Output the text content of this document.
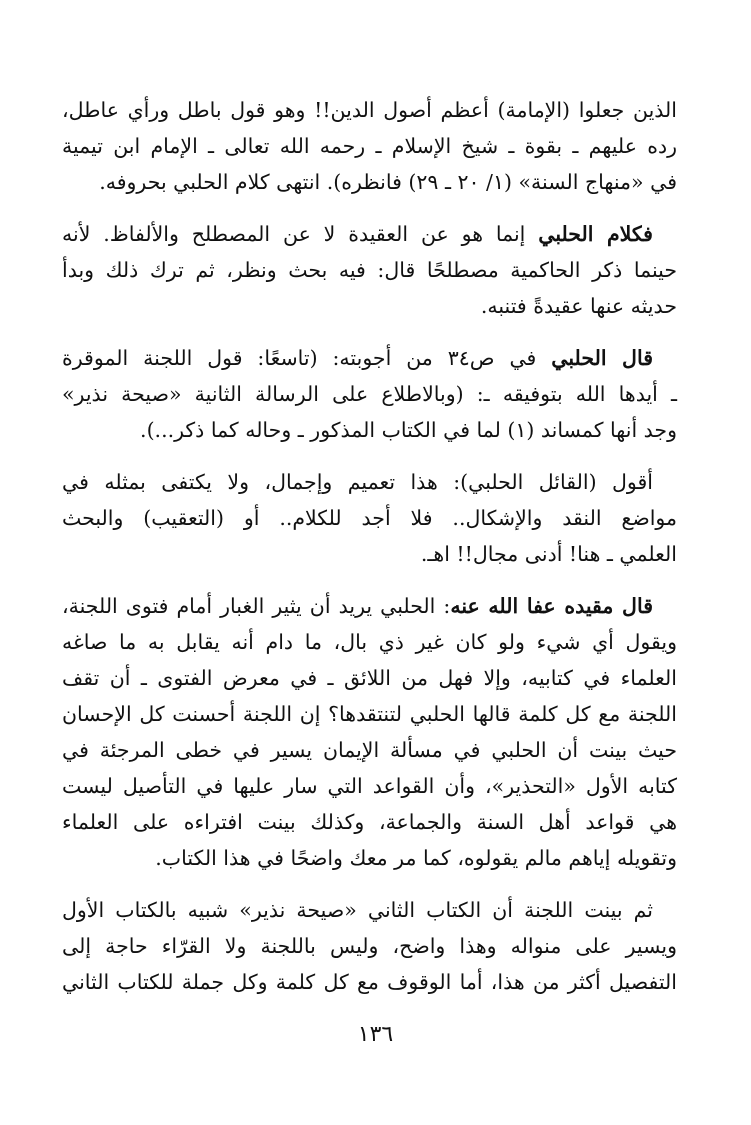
الذين جعلوا (الإمامة) أعظم أصول الدين!! وهو قول باطل ورأي عاطل،
رده عليهم ـ بقوة ـ شيخ الإسلام ـ رحمه الله تعالى ـ الإمام ابن تيمية
في «منهاج السنة» (١/ ٢٠ ـ ٢٩) فانظره). انتهى كلام الحلبي بحروفه.

فكلام الحلبي إنما هو عن العقيدة لا عن المصطلح والألفاظ. لأنه
حينما ذكر الحاكمية مصطلحًا قال: فيه بحث ونظر، ثم ترك ذلك وبدأ
حديثه عنها عقيدةً فتنبه.

قال الحلبي في ص٣٤ من أجوبته: (تاسعًا: قول اللجنة الموقرة
ـ أيدها الله بتوفيقه ـ: (وبالاطلاع على الرسالة الثانية «صيحة نذير»
وجد أنها كمساند (١) لما في الكتاب المذكور ـ وحاله كما ذكر...).

أقول (القائل الحلبي): هذا تعميم وإجمال، ولا يكتفى بمثله في
مواضع النقد والإشكال.. فلا أجد للكلام.. أو (التعقيب) والبحث
العلمي ـ هنا! أدنى مجال!! اهـ.

قال مقيده عفا الله عنه: الحلبي يريد أن يثير الغبار أمام فتوى اللجنة،
ويقول أي شيء ولو كان غير ذي بال، ما دام أنه يقابل به ما صاغه
العلماء في كتابيه، وإلا فهل من اللائق ـ في معرض الفتوى ـ أن تقف
اللجنة مع كل كلمة قالها الحلبي لتنتقدها؟ إن اللجنة أحسنت كل الإحسان
حيث بينت أن الحلبي في مسألة الإيمان يسير في خطى المرجئة في
كتابه الأول «التحذير»، وأن القواعد التي سار عليها في التأصيل ليست
هي قواعد أهل السنة والجماعة، وكذلك بينت افتراءه على العلماء
وتقويله إياهم مالم يقولوه، كما مر معك واضحًا في هذا الكتاب.

ثم بينت اللجنة أن الكتاب الثاني «صيحة نذير» شبيه بالكتاب الأول
ويسير على منواله وهذا واضح، وليس باللجنة ولا القرّاء حاجة إلى
التفصيل أكثر من هذا، أما الوقوف مع كل كلمة وكل جملة للكتاب الثاني

١٣٦
